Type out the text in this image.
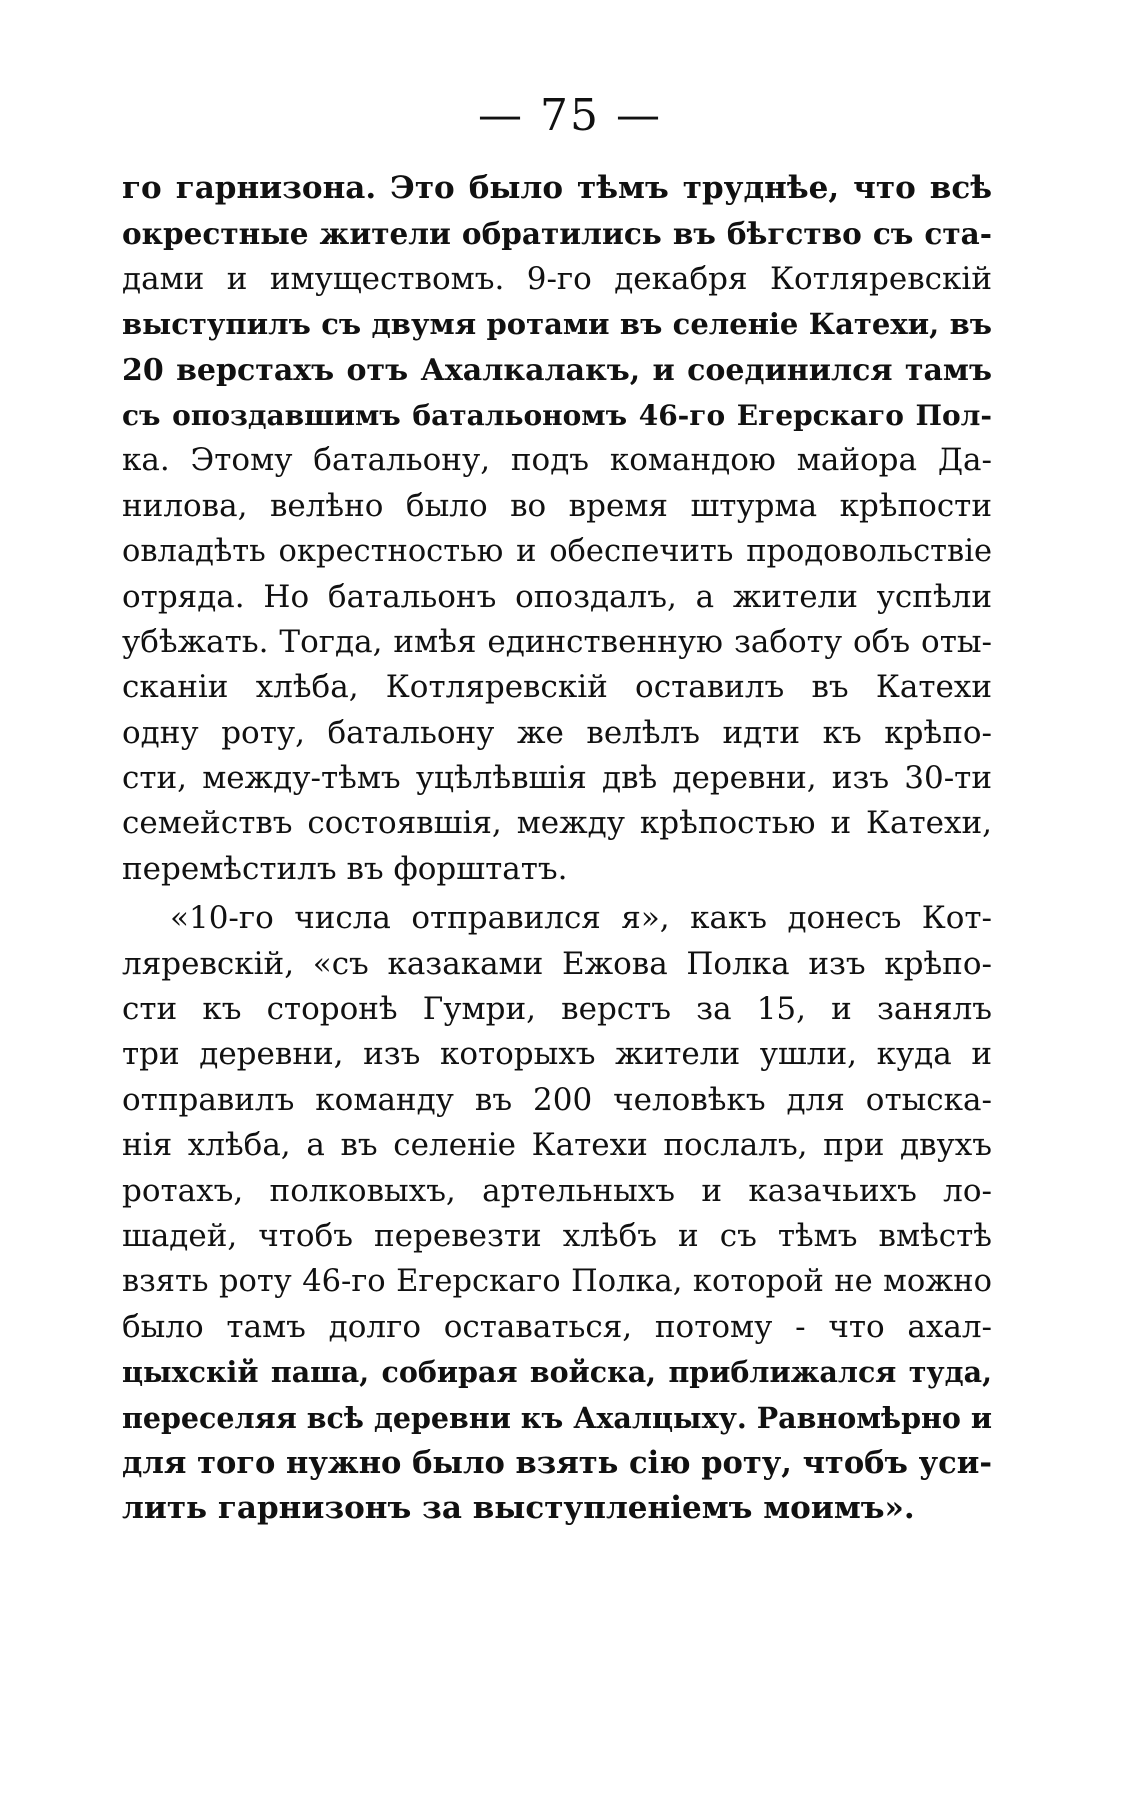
— 75 —
го гарнизона. Это было тѣмъ труднѣе, что всѣ
окрестные жители обратились въ бѣгство съ ста-
дами и имуществомъ. 9-го декабря Котляревскій
выступилъ съ двумя ротами въ селеніе Катехи, въ
20 верстахъ отъ Ахалкалакъ, и соединился тамъ
съ опоздавшимъ батальономъ 46-го Егерскаго Пол-
ка. Этому батальону, подъ командою майора Да-
нилова, велѣно было во время штурма крѣпости
овладѣть окрестностью и обеспечить продовольствіе
отряда. Но батальонъ опоздалъ, а жители успѣли
убѣжать. Тогда, имѣя единственную заботу объ оты-
сканіи хлѣба, Котляревскій оставилъ въ Катехи
одну роту, батальону же велѣлъ идти къ крѣпо-
сти, между-тѣмъ уцѣлѣвшія двѣ деревни, изъ 30-ти
семействъ состоявшія, между крѣпостью и Катехи,
перемѣстилъ въ форштатъ.
«10-го числа отправился я», какъ донесъ Кот-
ляревскій, «съ казаками Ежова Полка изъ крѣпо-
сти къ сторонѣ Гумри, верстъ за 15, и занялъ
три деревни, изъ которыхъ жители ушли, куда и
отправилъ команду въ 200 человѣкъ для отыска-
нія хлѣба, а въ селеніе Катехи послалъ, при двухъ
ротахъ, полковыхъ, артельныхъ и казачьихъ ло-
шадей, чтобъ перевезти хлѣбъ и съ тѣмъ вмѣстѣ
взять роту 46-го Егерскаго Полка, которой не можно
было тамъ долго оставаться, потому - что ахал-
цыхскій паша, собирая войска, приближался туда,
переселяя всѣ деревни къ Ахалцыху. Равномѣрно и
для того нужно было взять сію роту, чтобъ уси-
лить гарнизонъ за выступленіемъ моимъ».
